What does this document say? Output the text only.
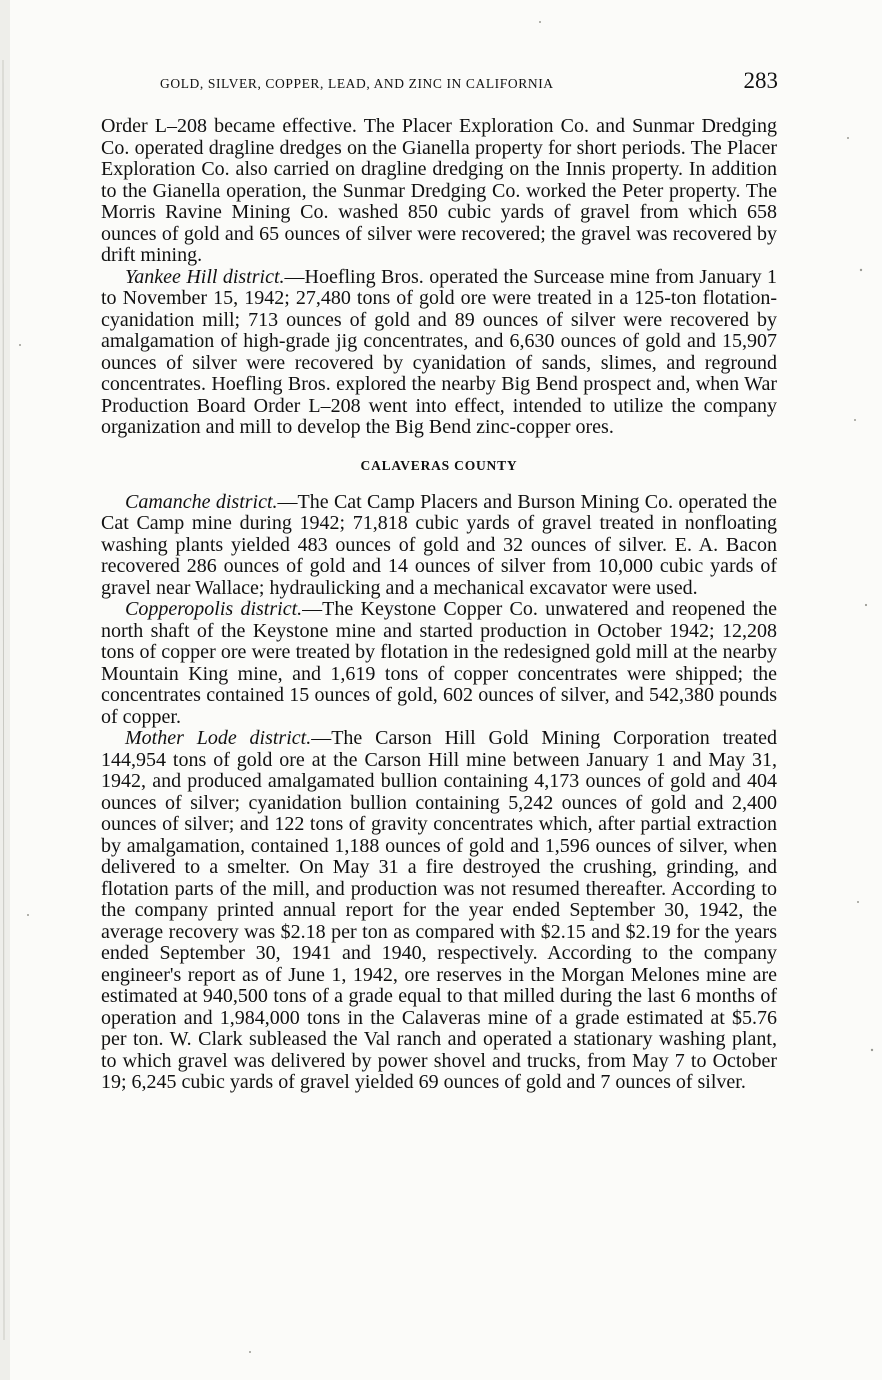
GOLD, SILVER, COPPER, LEAD, AND ZINC IN CALIFORNIA	283

Order L–208 became effective. The Placer Exploration Co. and Sunmar Dredging Co. operated dragline dredges on the Gianella property for short periods. The Placer Exploration Co. also carried on dragline dredging on the Innis property. In addition to the Gianella operation, the Sunmar Dredging Co. worked the Peter property. The Morris Ravine Mining Co. washed 850 cubic yards of gravel from which 658 ounces of gold and 65 ounces of silver were recovered; the gravel was recovered by drift mining.

Yankee Hill district.—Hoefling Bros. operated the Surcease mine from January 1 to November 15, 1942; 27,480 tons of gold ore were treated in a 125-ton flotation-cyanidation mill; 713 ounces of gold and 89 ounces of silver were recovered by amalgamation of high-grade jig concentrates, and 6,630 ounces of gold and 15,907 ounces of silver were recovered by cyanidation of sands, slimes, and reground concentrates. Hoefling Bros. explored the nearby Big Bend prospect and, when War Production Board Order L–208 went into effect, intended to utilize the company organization and mill to develop the Big Bend zinc-copper ores.

CALAVERAS COUNTY

Camanche district.—The Cat Camp Placers and Burson Mining Co. operated the Cat Camp mine during 1942; 71,818 cubic yards of gravel treated in nonfloating washing plants yielded 483 ounces of gold and 32 ounces of silver. E. A. Bacon recovered 286 ounces of gold and 14 ounces of silver from 10,000 cubic yards of gravel near Wallace; hydraulicking and a mechanical excavator were used.

Copperopolis district.—The Keystone Copper Co. unwatered and reopened the north shaft of the Keystone mine and started production in October 1942; 12,208 tons of copper ore were treated by flotation in the redesigned gold mill at the nearby Mountain King mine, and 1,619 tons of copper concentrates were shipped; the concentrates contained 15 ounces of gold, 602 ounces of silver, and 542,380 pounds of copper.

Mother Lode district.—The Carson Hill Gold Mining Corporation treated 144,954 tons of gold ore at the Carson Hill mine between January 1 and May 31, 1942, and produced amalgamated bullion containing 4,173 ounces of gold and 404 ounces of silver; cyanidation bullion containing 5,242 ounces of gold and 2,400 ounces of silver; and 122 tons of gravity concentrates which, after partial extraction by amalgamation, contained 1,188 ounces of gold and 1,596 ounces of silver, when delivered to a smelter. On May 31 a fire destroyed the crushing, grinding, and flotation parts of the mill, and production was not resumed thereafter. According to the company printed annual report for the year ended September 30, 1942, the average recovery was $2.18 per ton as compared with $2.15 and $2.19 for the years ended September 30, 1941 and 1940, respectively. According to the company engineer's report as of June 1, 1942, ore reserves in the Morgan Melones mine are estimated at 940,500 tons of a grade equal to that milled during the last 6 months of operation and 1,984,000 tons in the Calaveras mine of a grade estimated at $5.76 per ton. W. Clark subleased the Val ranch and operated a stationary washing plant, to which gravel was delivered by power shovel and trucks, from May 7 to October 19; 6,245 cubic yards of gravel yielded 69 ounces of gold and 7 ounces of silver.
